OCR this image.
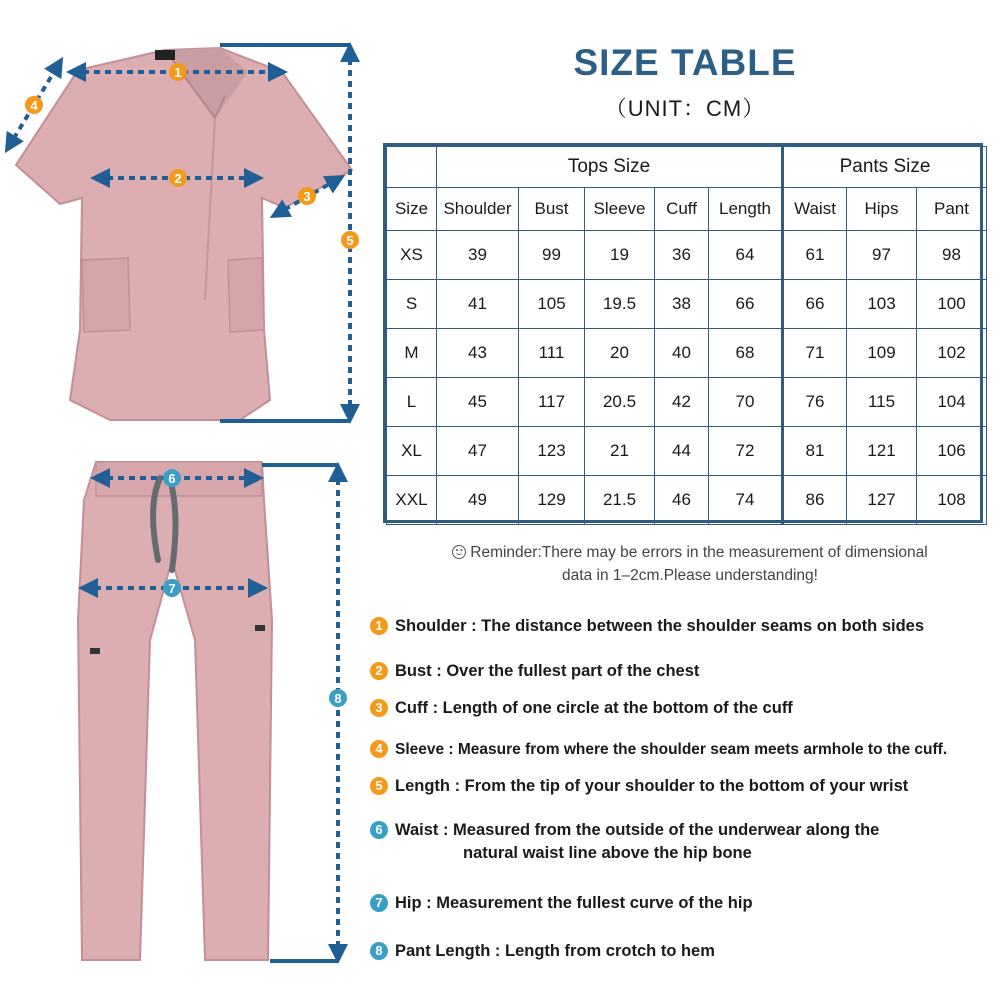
1
2
3
4
5
6
7
8
SIZE TABLE
（UNIT：CM）
	Tops Size					Pants Size		
Size	Shoulder	Bust	Sleeve	Cuff	Length	Waist	Hips	Pant
XS	39	99	19	36	64	61	97	98
S	41	105	19.5	38	66	66	103	100
M	43	111	20	40	68	71	109	102
L	45	117	20.5	42	70	76	115	104
XL	47	123	21	44	72	81	121	106
XXL	49	129	21.5	46	74	86	127	108
Reminder:There may be errors in the measurement of dimensional
data in 1–2cm.Please understanding!
1 Shoulder : The distance between the shoulder seams on both sides
2 Bust : Over the fullest part of the chest
3 Cuff : Length of one circle at the bottom of the cuff
4 Sleeve : Measure from where the shoulder seam meets armhole to the cuff.
5 Length : From the tip of your shoulder to the bottom of your wrist
6 Waist : Measured from the outside of the underwear along the
natural waist line above the hip bone
7 Hip : Measurement the fullest curve of the hip
8 Pant Length : Length from crotch to hem
